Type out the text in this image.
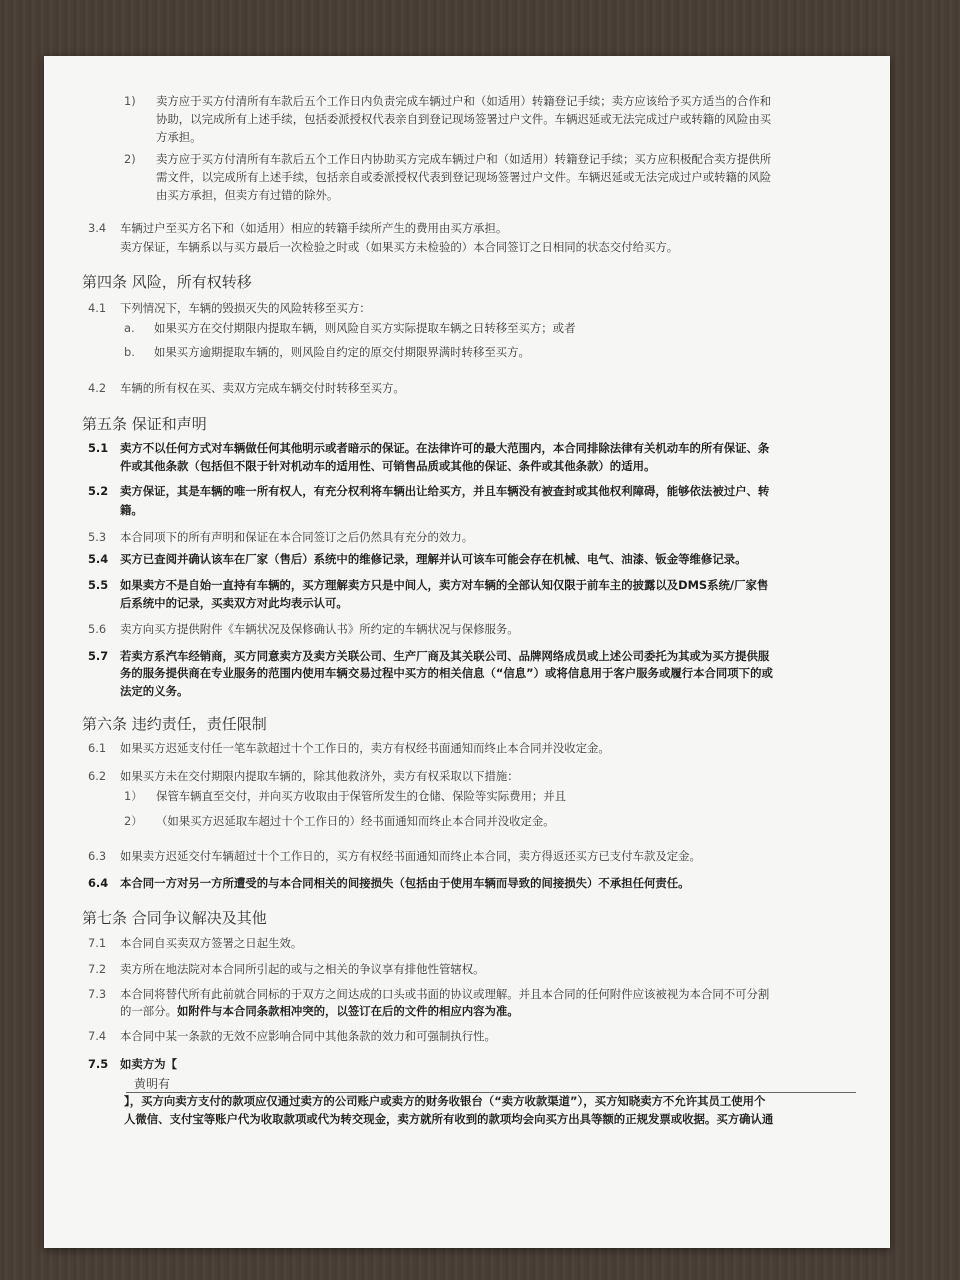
1) 卖方应于买方付清所有车款后五个工作日内负责完成车辆过户和（如适用）转籍登记手续；卖方应该给予买方适当的合作和

协助，以完成所有上述手续，包括委派授权代表亲自到登记现场签署过户文件。车辆迟延或无法完成过户或转籍的风险由买

方承担。

2) 卖方应于买方付清所有车款后五个工作日内协助买方完成车辆过户和（如适用）转籍登记手续；买方应积极配合卖方提供所

需文件，以完成所有上述手续，包括亲自或委派授权代表到登记现场签署过户文件。车辆迟延或无法完成过户或转籍的风险

由买方承担，但卖方有过错的除外。

3.4 车辆过户至买方名下和（如适用）相应的转籍手续所产生的费用由买方承担。

卖方保证，车辆系以与买方最后一次检验之时或（如果买方未检验的）本合同签订之日相同的状态交付给买方。

第四条 风险，所有权转移

4.1 下列情况下，车辆的毁损灭失的风险转移至买方：

a. 如果买方在交付期限内提取车辆，则风险自买方实际提取车辆之日转移至买方；或者

b. 如果买方逾期提取车辆的，则风险自约定的原交付期限界满时转移至买方。

4.2 车辆的所有权在买、卖双方完成车辆交付时转移至买方。

第五条 保证和声明

5.1 卖方不以任何方式对车辆做任何其他明示或者暗示的保证。在法律许可的最大范围内，本合同排除法律有关机动车的所有保证、条

件或其他条款（包括但不限于针对机动车的适用性、可销售品质或其他的保证、条件或其他条款）的适用。

5.2 卖方保证，其是车辆的唯一所有权人，有充分权利将车辆出让给买方，并且车辆没有被查封或其他权利障碍，能够依法被过户、转

籍。

5.3 本合同项下的所有声明和保证在本合同签订之后仍然具有充分的效力。

5.4 买方已查阅并确认该车在厂家（售后）系统中的维修记录，理解并认可该车可能会存在机械、电气、油漆、钣金等维修记录。

5.5 如果卖方不是自始一直持有车辆的，买方理解卖方只是中间人，卖方对车辆的全部认知仅限于前车主的披露以及DMS系统/厂家售

后系统中的记录，买卖双方对此均表示认可。

5.6 卖方向买方提供附件《车辆状况及保修确认书》所约定的车辆状况与保修服务。

5.7 若卖方系汽车经销商，买方同意卖方及卖方关联公司、生产厂商及其关联公司、品牌网络成员或上述公司委托为其或为买方提供服

务的服务提供商在专业服务的范围内使用车辆交易过程中买方的相关信息（“信息”）或将信息用于客户服务或履行本合同项下的或

法定的义务。

第六条 违约责任，责任限制

6.1 如果买方迟延支付任一笔车款超过十个工作日的，卖方有权经书面通知而终止本合同并没收定金。

6.2 如果买方未在交付期限内提取车辆的，除其他救济外，卖方有权采取以下措施：

1） 保管车辆直至交付，并向买方收取由于保管所发生的仓储、保险等实际费用；并且

2） （如果买方迟延取车超过十个工作日的）经书面通知而终止本合同并没收定金。

6.3 如果卖方迟延交付车辆超过十个工作日的，买方有权经书面通知而终止本合同，卖方得返还买方已支付车款及定金。

6.4 本合同一方对另一方所遭受的与本合同相关的间接损失（包括由于使用车辆而导致的间接损失）不承担任何责任。

第七条 合同争议解决及其他

7.1 本合同自买卖双方签署之日起生效。

7.2 卖方所在地法院对本合同所引起的或与之相关的争议享有排他性管辖权。

7.3 本合同将替代所有此前就合同标的于双方之间达成的口头或书面的协议或理解。并且本合同的任何附件应该被视为本合同不可分割

的一部分。如附件与本合同条款相冲突的，以签订在后的文件的相应内容为准。

7.4 本合同中某一条款的无效不应影响合同中其他条款的效力和可强制执行性。

7.5 如卖方为【

黄明有

】，买方向卖方支付的款项应仅通过卖方的公司账户或卖方的财务收银台（“卖方收款渠道”），买方知晓卖方不允许其员工使用个

人微信、支付宝等账户代为收取款项或代为转交现金，卖方就所有收到的款项均会向买方出具等额的正规发票或收据。买方确认通
